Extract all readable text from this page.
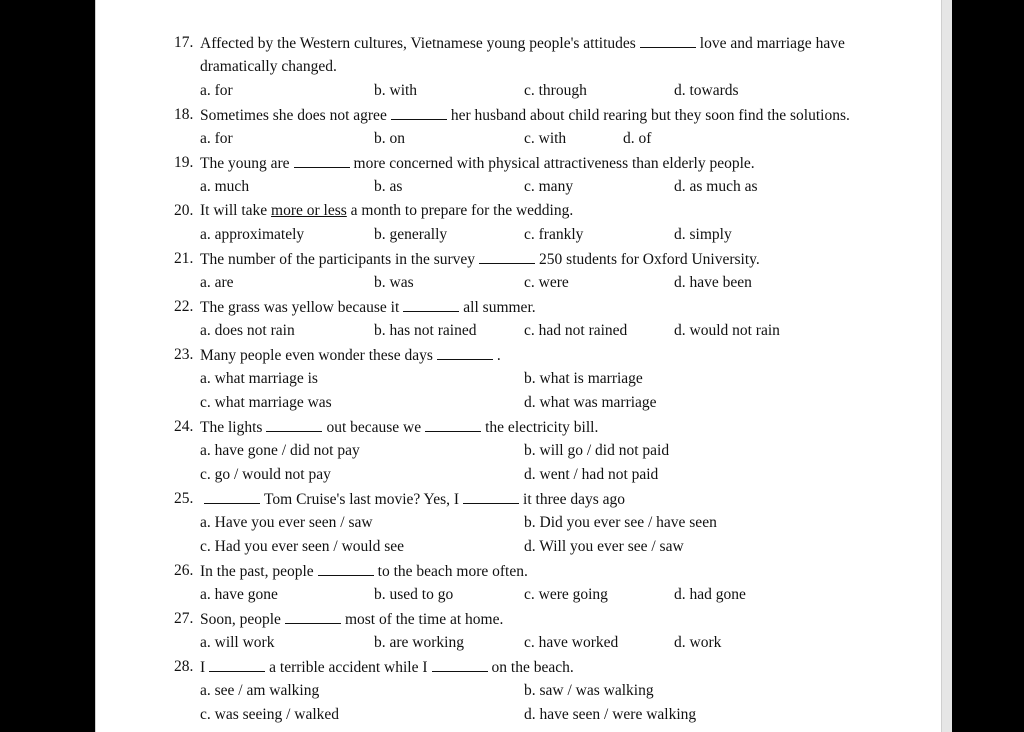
17. Affected by the Western cultures, Vietnamese young people's attitudes	love and marriage have
dramatically changed.
a. for	b. with	c. through	d. towards
18. Sometimes she does not agree	her husband about child rearing but they soon find the solutions.
a. for	b. on	c. with	d. of
19. The young are	more concerned with physical attractiveness than elderly people.
a. much	b. as	c. many	d. as much as
20. It will take more or less a month to prepare for the wedding.
a. approximately	b. generally	c. frankly	d. simply
21. The number of the participants in the survey	250 students for Oxford University.
a. are	b. was	c. were	d. have been
22. The grass was yellow because it	all summer.
a. does not rain	b. has not rained	c. had not rained	d. would not rain
23. Many people even wonder these days	.
a. what marriage is	b. what is marriage
c. what marriage was	d. what was marriage
24. The lights	out because we	the electricity bill.
a. have gone / did not pay	b. will go / did not paid
c. go / would not pay	d. went / had not paid
25.	Tom Cruise's last movie? Yes, I	it three days ago
a. Have you ever seen / saw	b. Did you ever see / have seen
c. Had you ever seen / would see	d. Will you ever see / saw
26. In the past, people	to the beach more often.
a. have gone	b. used to go	c. were going	d. had gone
27. Soon, people	most of the time at home.
a. will work	b. are working	c. have worked	d. work
28. I	a terrible accident while I	on the beach.
a. see / am walking	b. saw / was walking
c. was seeing / walked	d. have seen / were walking
